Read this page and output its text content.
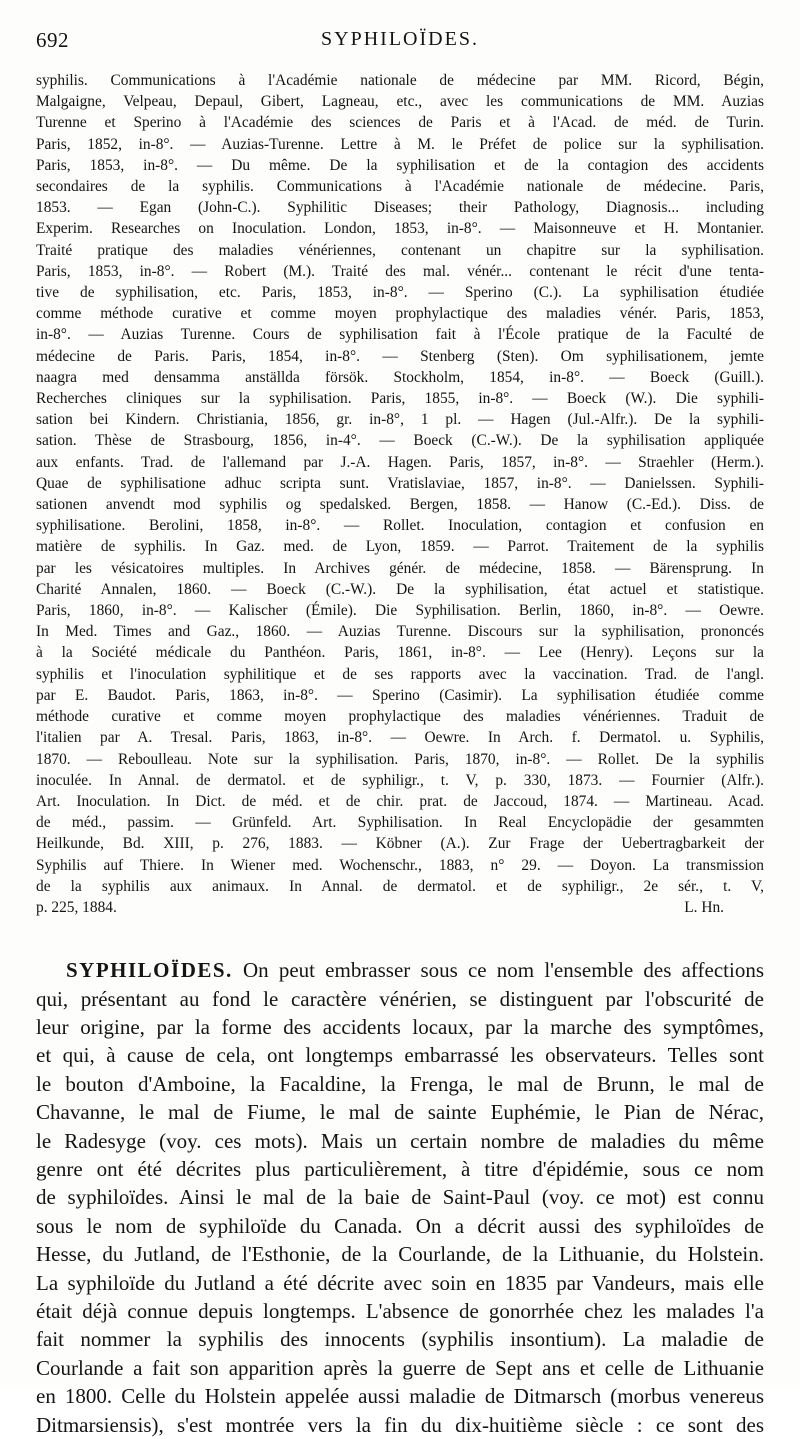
692	SYPHILOÏDES.
syphilis. Communications à l'Académie nationale de médecine par MM. Ricord, Bégin,
Malgaigne, Velpeau, Depaul, Gibert, Lagneau, etc., avec les communications de MM. Auzias
Turenne et Sperino à l'Académie des sciences de Paris et à l'Acad. de méd. de Turin.
Paris, 1852, in-8°. — Auzias-Turenne. Lettre à M. le Préfet de police sur la syphilisation.
Paris, 1853, in-8°. — Du même. De la syphilisation et de la contagion des accidents
secondaires de la syphilis. Communications à l'Académie nationale de médecine. Paris,
1853. — Egan (John-C.). Syphilitic Diseases; their Pathology, Diagnosis... including
Experim. Researches on Inoculation. London, 1853, in-8°. — Maisonneuve et H. Montanier.
Traité pratique des maladies vénériennes, contenant un chapitre sur la syphilisation.
Paris, 1853, in-8°. — Robert (M.). Traité des mal. vénér... contenant le récit d'une tenta-
tive de syphilisation, etc. Paris, 1853, in-8°. — Sperino (C.). La syphilisation étudiée
comme méthode curative et comme moyen prophylactique des maladies vénér. Paris, 1853,
in-8°. — Auzias Turenne. Cours de syphilisation fait à l'École pratique de la Faculté de
médecine de Paris. Paris, 1854, in-8°. — Stenberg (Sten). Om syphilisationem, jemte
naagra med densamma anställda försök. Stockholm, 1854, in-8°. — Boeck (Guill.).
Recherches cliniques sur la syphilisation. Paris, 1855, in-8°. — Boeck (W.). Die syphili-
sation bei Kindern. Christiania, 1856, gr. in-8°, 1 pl. — Hagen (Jul.-Alfr.). De la syphili-
sation. Thèse de Strasbourg, 1856, in-4°. — Boeck (C.-W.). De la syphilisation appliquée
aux enfants. Trad. de l'allemand par J.-A. Hagen. Paris, 1857, in-8°. — Straehler (Herm.).
Quae de syphilisatione adhuc scripta sunt. Vratislaviae, 1857, in-8°. — Danielssen. Syphili-
sationen anvendt mod syphilis og spedalsked. Bergen, 1858. — Hanow (C.-Ed.). Diss. de
syphilisatione. Berolini, 1858, in-8°. — Rollet. Inoculation, contagion et confusion en
matière de syphilis. In Gaz. med. de Lyon, 1859. — Parrot. Traitement de la syphilis
par les vésicatoires multiples. In Archives génér. de médecine, 1858. — Bärensprung. In
Charité Annalen, 1860. — Boeck (C.-W.). De la syphilisation, état actuel et statistique.
Paris, 1860, in-8°. — Kalischer (Émile). Die Syphilisation. Berlin, 1860, in-8°. — Oewre.
In Med. Times and Gaz., 1860. — Auzias Turenne. Discours sur la syphilisation, prononcés
à la Société médicale du Panthéon. Paris, 1861, in-8°. — Lee (Henry). Leçons sur la
syphilis et l'inoculation syphilitique et de ses rapports avec la vaccination. Trad. de l'angl.
par E. Baudot. Paris, 1863, in-8°. — Sperino (Casimir). La syphilisation étudiée comme
méthode curative et comme moyen prophylactique des maladies vénériennes. Traduit de
l'italien par A. Tresal. Paris, 1863, in-8°. — Oewre. In Arch. f. Dermatol. u. Syphilis,
1870. — Reboulleau. Note sur la syphilisation. Paris, 1870, in-8°. — Rollet. De la syphilis
inoculée. In Annal. de dermatol. et de syphiligr., t. V, p. 330, 1873. — Fournier (Alfr.).
Art. Inoculation. In Dict. de méd. et de chir. prat. de Jaccoud, 1874. — Martineau. Acad.
de méd., passim. — Grünfeld. Art. Syphilisation. In Real Encyclopädie der gesammten
Heilkunde, Bd. XIII, p. 276, 1883. — Köbner (A.). Zur Frage der Uebertragbarkeit der
Syphilis auf Thiere. In Wiener med. Wochenschr., 1883, n° 29. — Doyon. La transmission
de la syphilis aux animaux. In Annal. de dermatol. et de syphiligr., 2e sér., t. V,
p. 225, 1884.	L. Hn.
SYPHILOÏDES. On peut embrasser sous ce nom l'ensemble des affections
qui, présentant au fond le caractère vénérien, se distinguent par l'obscurité de
leur origine, par la forme des accidents locaux, par la marche des symptômes,
et qui, à cause de cela, ont longtemps embarrassé les observateurs. Telles sont
le bouton d'Amboine, la Facaldine, la Frenga, le mal de Brunn, le mal de
Chavanne, le mal de Fiume, le mal de sainte Euphémie, le Pian de Nérac,
le Radesyge (voy. ces mots). Mais un certain nombre de maladies du même
genre ont été décrites plus particulièrement, à titre d'épidémie, sous ce nom
de syphiloïdes. Ainsi le mal de la baie de Saint-Paul (voy. ce mot) est connu
sous le nom de syphiloïde du Canada. On a décrit aussi des syphiloïdes de
Hesse, du Jutland, de l'Esthonie, de la Courlande, de la Lithuanie, du Holstein.
La syphiloïde du Jutland a été décrite avec soin en 1835 par Vandeurs, mais elle
était déjà connue depuis longtemps. L'absence de gonorrhée chez les malades l'a
fait nommer la syphilis des innocents (syphilis insontium). La maladie de
Courlande a fait son apparition après la guerre de Sept ans et celle de Lithuanie
en 1800. Celle du Holstein appelée aussi maladie de Ditmarsch (morbus venereus
Ditmarsiensis), s'est montrée vers la fin du dix-huitième siècle : ce sont des
